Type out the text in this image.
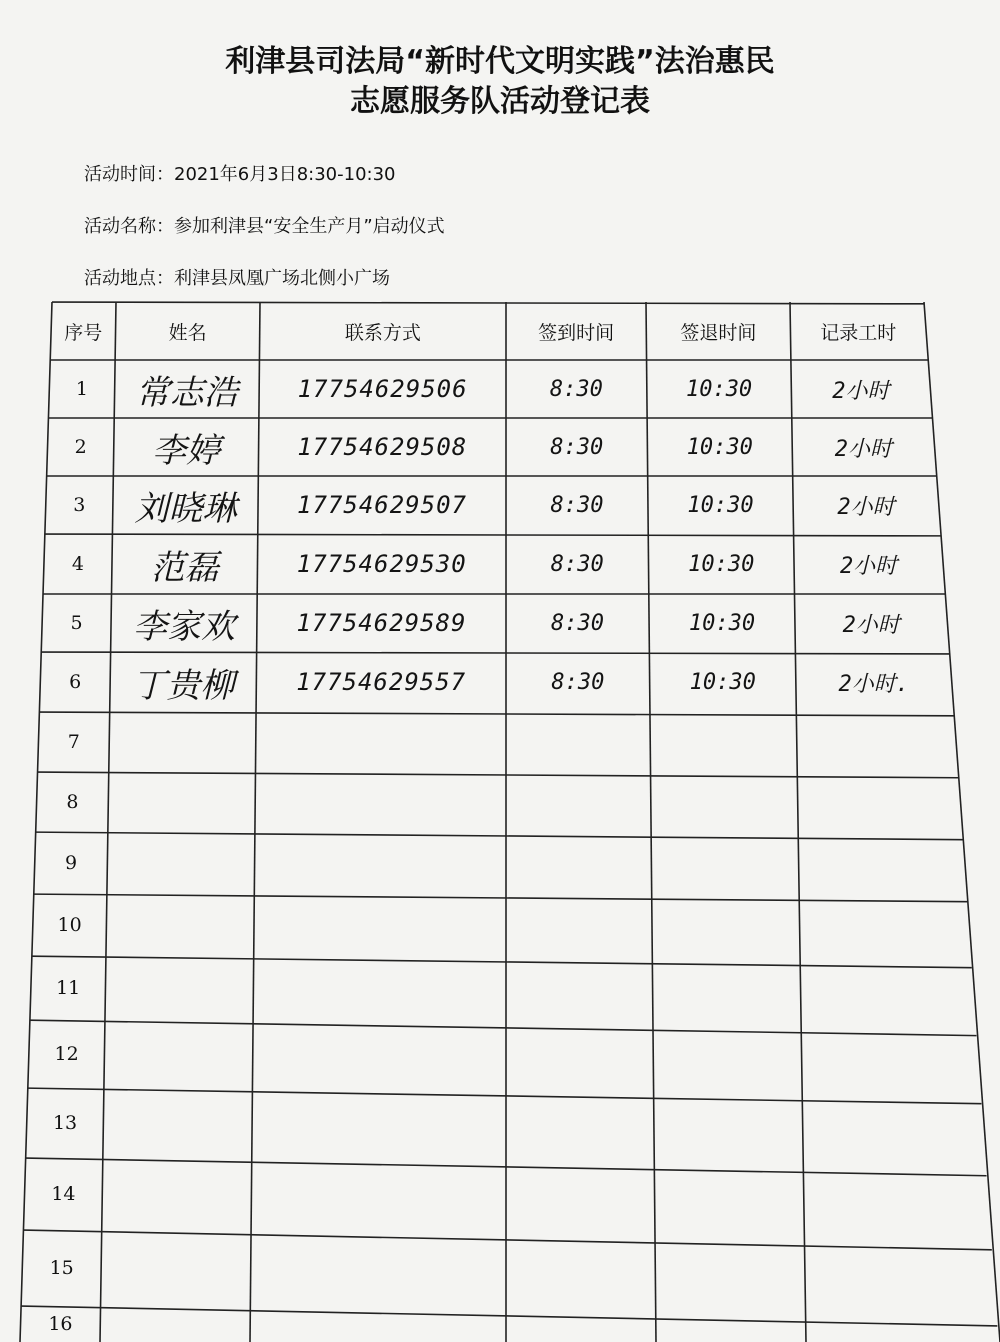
利津县司法局“新时代文明实践”法治惠民
志愿服务队活动登记表
活动时间：2021年6月3日8:30-10:30
活动名称：参加利津县“安全生产月”启动仪式
活动地点：利津县凤凰广场北侧小广场
序号	姓名	联系方式	签到时间	签退时间	记录工时
1	常志浩	17754629506	8:30	10:30	2小时
2	李婷	17754629508	8:30	10:30	2小时
3	刘晓琳	17754629507	8:30	10:30	2小时
4	范磊	17754629530	8:30	10:30	2小时
5	李家欢	17754629589	8:30	10:30	2小时
6	丁贵柳	17754629557	8:30	10:30	2小时.
7
8
9
10
11
12
13
14
15
16
